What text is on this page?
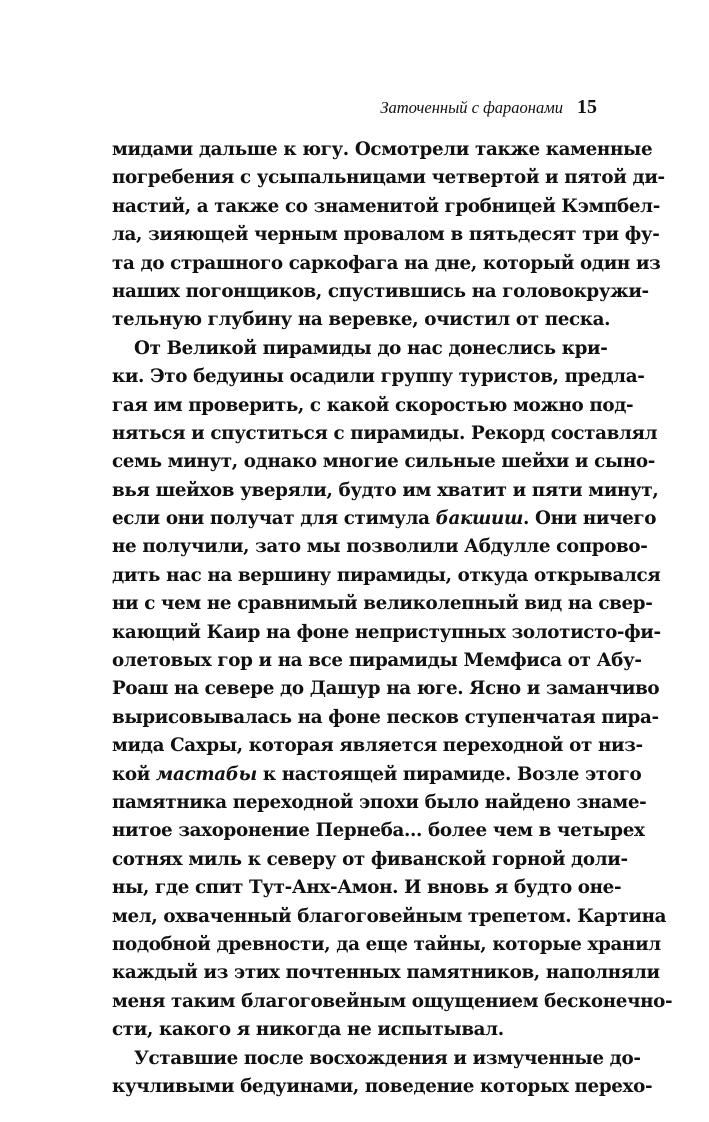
Заточенный с фараонами 15
мидами дальше к югу. Осмотрели также каменные
погребения с усыпальницами четвертой и пятой ди-
настий, а также со знаменитой гробницей Кэмпбел-
ла, зияющей черным провалом в пятьдесят три фу-
та до страшного саркофага на дне, который один из
наших погонщиков, спустившись на головокружи-
тельную глубину на веревке, очистил от песка.
От Великой пирамиды до нас донеслись кри-
ки. Это бедуины осадили группу туристов, предла-
гая им проверить, с какой скоростью можно под-
няться и спуститься с пирамиды. Рекорд составлял
семь минут, однако многие сильные шейхи и сыно-
вья шейхов уверяли, будто им хватит и пяти минут,
если они получат для стимула бакшиш. Они ничего
не получили, зато мы позволили Абдулле сопрово-
дить нас на вершину пирамиды, откуда открывался
ни с чем не сравнимый великолепный вид на свер-
кающий Каир на фоне неприступных золотисто-фи-
олетовых гор и на все пирамиды Мемфиса от Абу-
Роаш на севере до Дашур на юге. Ясно и заманчиво
вырисовывалась на фоне песков ступенчатая пира-
мида Сахры, которая является переходной от низ-
кой мастабы к настоящей пирамиде. Возле этого
памятника переходной эпохи было найдено знаме-
нитое захоронение Пернеба... более чем в четырех
сотнях миль к северу от фиванской горной доли-
ны, где спит Тут-Анх-Амон. И вновь я будто оне-
мел, охваченный благоговейным трепетом. Картина
подобной древности, да еще тайны, которые хранил
каждый из этих почтенных памятников, наполняли
меня таким благоговейным ощущением бесконечно-
сти, какого я никогда не испытывал.
Уставшие после восхождения и измученные до-
кучливыми бедуинами, поведение которых перехо-
